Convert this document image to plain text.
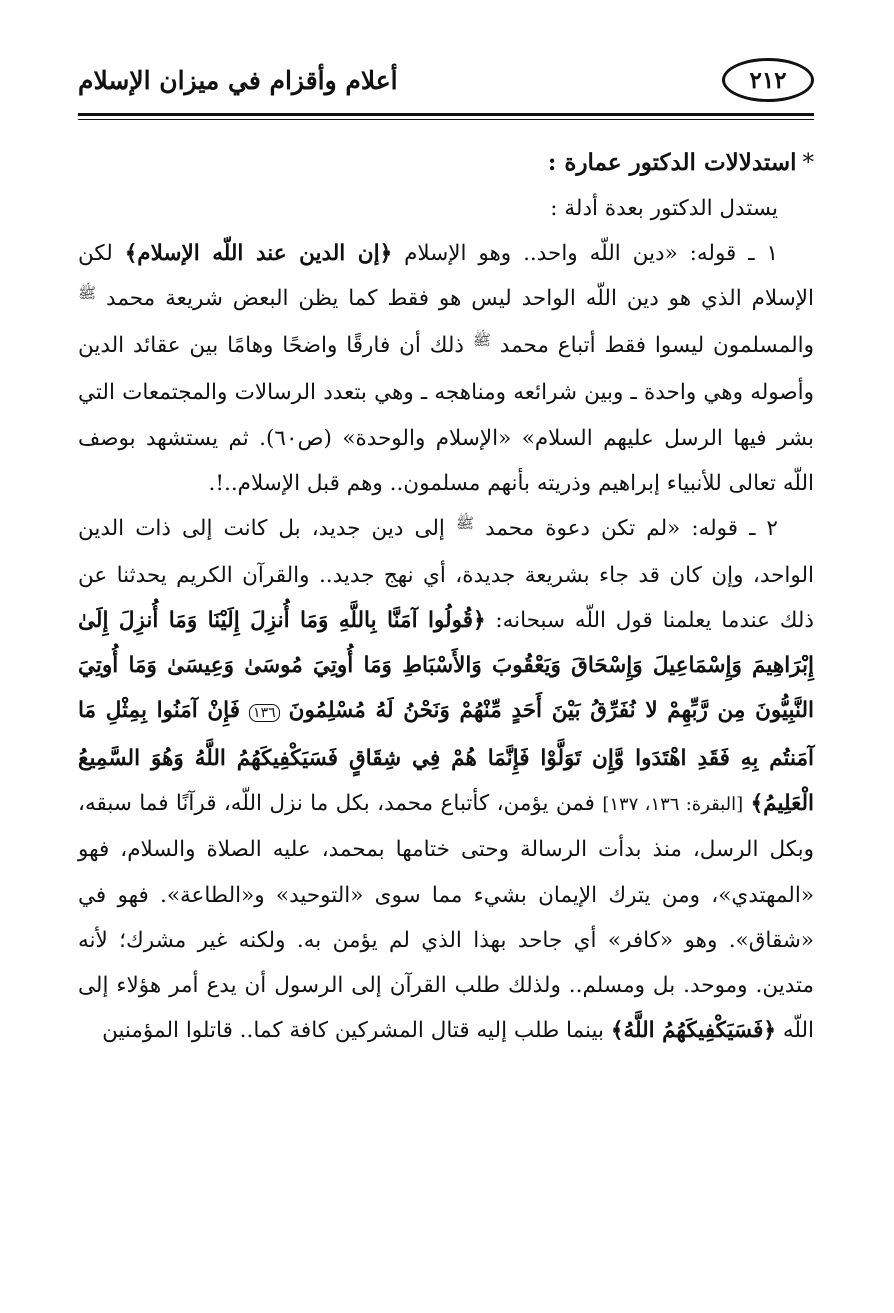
٢١٢
أعلام وأقزام في ميزان الإسلام

*استدلالات الدكتور عمارة :

يستدل الدكتور بعدة أدلة :

١ ـ قوله: «دين اللّه واحد.. وهو الإسلام ﴿إن الدين عند اللّه الإسلام﴾ لكن الإسلام الذي هو دين اللّه الواحد ليس هو فقط كما يظن البعض شريعة محمد $^ﷺ$ والمسلمون ليسوا فقط أتباع محمد $^ﷺ$ ذلك أن فارقًا واضحًا وهامًا بين عقائد الدين وأصوله وهي واحدة ـ وبين شرائعه ومناهجه ـ وهي بتعدد الرسالات والمجتمعات التي بشر فيها الرسل عليهم السلام» «الإسلام والوحدة» (ص٦٠). ثم يستشهد بوصف اللّه تعالى للأنبياء إبراهيم وذريته بأنهم مسلمون.. وهم قبل الإسلام..!.

٢ ـ قوله: «لم تكن دعوة محمد $^ﷺ$ إلى دين جديد، بل كانت إلى ذات الدين الواحد، وإن كان قد جاء بشريعة جديدة، أي نهج جديد.. والقرآن الكريم يحدثنا عن ذلك عندما يعلمنا قول اللّه سبحانه: ﴿قُولُوا آمَنَّا بِاللَّهِ وَمَا أُنزِلَ إِلَيْنَا وَمَا أُنزِلَ إِلَىٰ إِبْرَاهِيمَ وَإِسْمَاعِيلَ وَإِسْحَاقَ وَيَعْقُوبَ وَالأَسْبَاطِ وَمَا أُوتِيَ مُوسَىٰ وَعِيسَىٰ وَمَا أُوتِيَ النَّبِيُّونَ مِن رَّبِّهِمْ لا نُفَرِّقُ بَيْنَ أَحَدٍ مِّنْهُمْ وَنَحْنُ لَهُ مُسْلِمُونَ ١٣٦ فَإِنْ آمَنُوا بِمِثْلِ مَا آمَنتُم بِهِ فَقَدِ اهْتَدَوا وَّإِن تَوَلَّوْا فَإِنَّمَا هُمْ فِي شِقَاقٍ فَسَيَكْفِيكَهُمُ اللَّهُ وَهُوَ السَّمِيعُ الْعَلِيمُ﴾ [البقرة: ١٣٦، ١٣٧] فمن يؤمن، كأتباع محمد، بكل ما نزل اللّه، قرآنًا فما سبقه، وبكل الرسل، منذ بدأت الرسالة وحتى ختامها بمحمد، عليه الصلاة والسلام، فهو «المهتدي»، ومن يترك الإيمان بشيء مما سوى «التوحيد» و«الطاعة». فهو في «شقاق». وهو «كافر» أي جاحد بهذا الذي لم يؤمن به. ولكنه غير مشرك؛ لأنه متدين. وموحد. بل ومسلم.. ولذلك طلب القرآن إلى الرسول أن يدع أمر هؤلاء إلى اللّه ﴿فَسَيَكْفِيكَهُمُ اللَّهُ﴾ بينما طلب إليه قتال المشركين كافة كما.. قاتلوا المؤمنين
